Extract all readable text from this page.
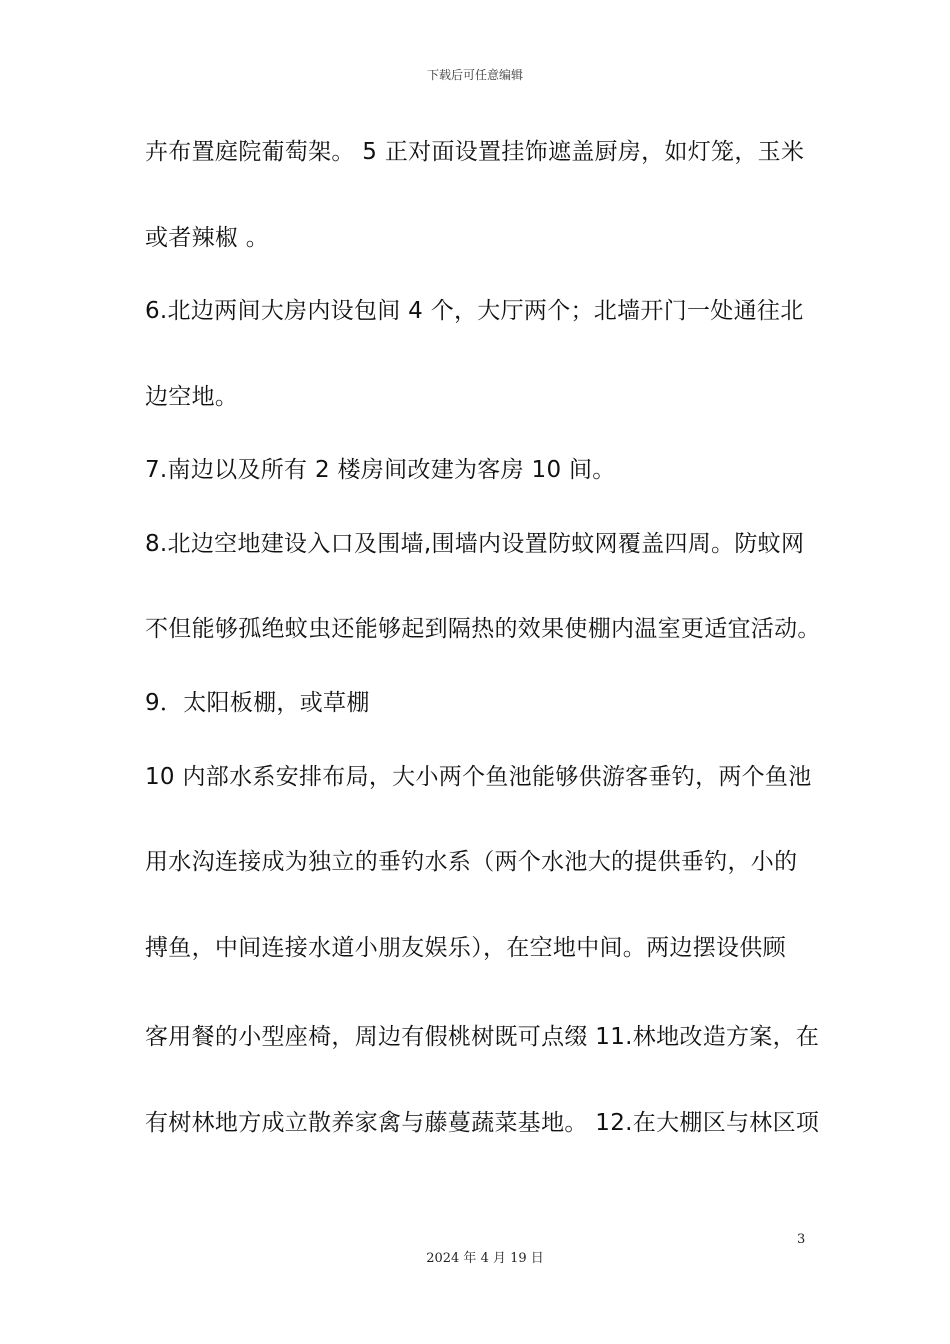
下载后可任意编辑
卉布置庭院葡萄架。 5 正对面设置挂饰遮盖厨房，如灯笼，玉米
或者辣椒 。
6.北边两间大房内设包间 4 个，大厅两个；北墙开门一处通往北
边空地。
7.南边以及所有 2 楼房间改建为客房 10 间。
8.北边空地建设入口及围墙,围墙内设置防蚊网覆盖四周。防蚊网
不但能够孤绝蚊虫还能够起到隔热的效果使棚内温室更适宜活动。
9．太阳板棚，或草棚
10 内部水系安排布局，大小两个鱼池能够供游客垂钓，两个鱼池
用水沟连接成为独立的垂钓水系（两个水池大的提供垂钓，小的
搏鱼，中间连接水道小朋友娱乐），在空地中间。两边摆设供顾
客用餐的小型座椅，周边有假桃树既可点缀 11.林地改造方案，在
有树林地方成立散养家禽与藤蔓蔬菜基地。 12.在大棚区与林区项
3
2024 年 4 月 19 日
